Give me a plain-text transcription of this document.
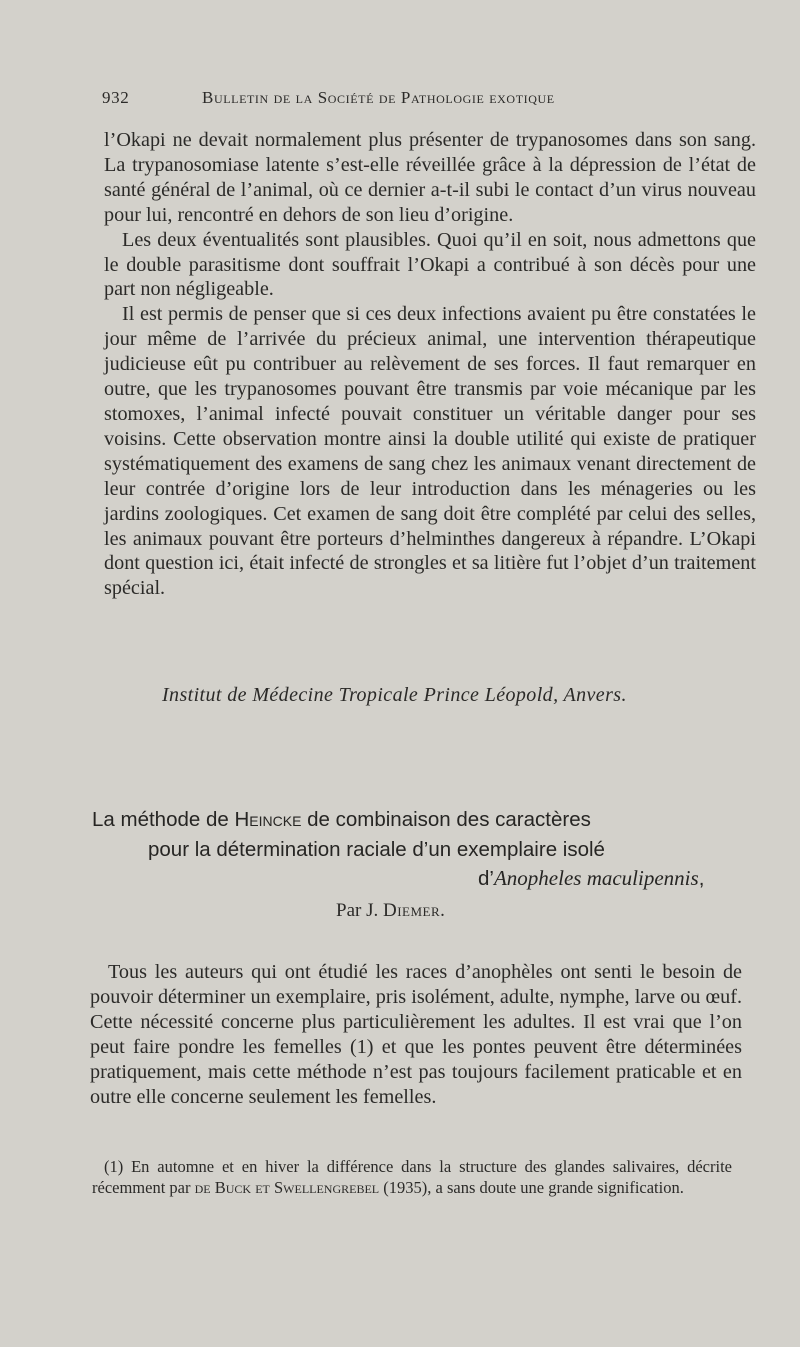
932	Bulletin de la Société de Pathologie exotique

l’Okapi ne devait normalement plus présenter de trypanosomes dans son sang. La trypanosomiase latente s’est-elle réveillée grâce à la dépression de l’état de santé général de l’animal, où ce dernier a-t-il subi le contact d’un virus nouveau pour lui, rencontré en dehors de son lieu d’origine.

Les deux éventualités sont plausibles. Quoi qu’il en soit, nous admettons que le double parasitisme dont souffrait l’Okapi a contribué à son décès pour une part non négligeable.

Il est permis de penser que si ces deux infections avaient pu être constatées le jour même de l’arrivée du précieux animal, une intervention thérapeutique judicieuse eût pu contribuer au relèvement de ses forces. Il faut remarquer en outre, que les trypanosomes pouvant être transmis par voie mécanique par les stomoxes, l’animal infecté pouvait constituer un véritable danger pour ses voisins. Cette observation montre ainsi la double utilité qui existe de pratiquer systématiquement des examens de sang chez les animaux venant directement de leur contrée d’origine lors de leur introduction dans les ménageries ou les jardins zoologiques. Cet examen de sang doit être complété par celui des selles, les animaux pouvant être porteurs d’helminthes dangereux à répandre. L’Okapi dont question ici, était infecté de strongles et sa litière fut l’objet d’un traitement spécial.

Institut de Médecine Tropicale Prince Léopold, Anvers.
La méthode de Heincke de combinaison des caractères
pour la détermination raciale d’un exemplaire isolé
d’Anopheles maculipennis,
Par J. Diemer.

Tous les auteurs qui ont étudié les races d’anophèles ont senti le besoin de pouvoir déterminer un exemplaire, pris isolément, adulte, nymphe, larve ou œuf. Cette nécessité concerne plus particulièrement les adultes. Il est vrai que l’on peut faire pondre les femelles (1) et que les pontes peuvent être déterminées pratiquement, mais cette méthode n’est pas toujours facilement praticable et en outre elle concerne seulement les femelles.

(1) En automne et en hiver la différence dans la structure des glandes salivaires, décrite récemment par de Buck et Swellengrebel (1935), a sans doute une grande signification.
